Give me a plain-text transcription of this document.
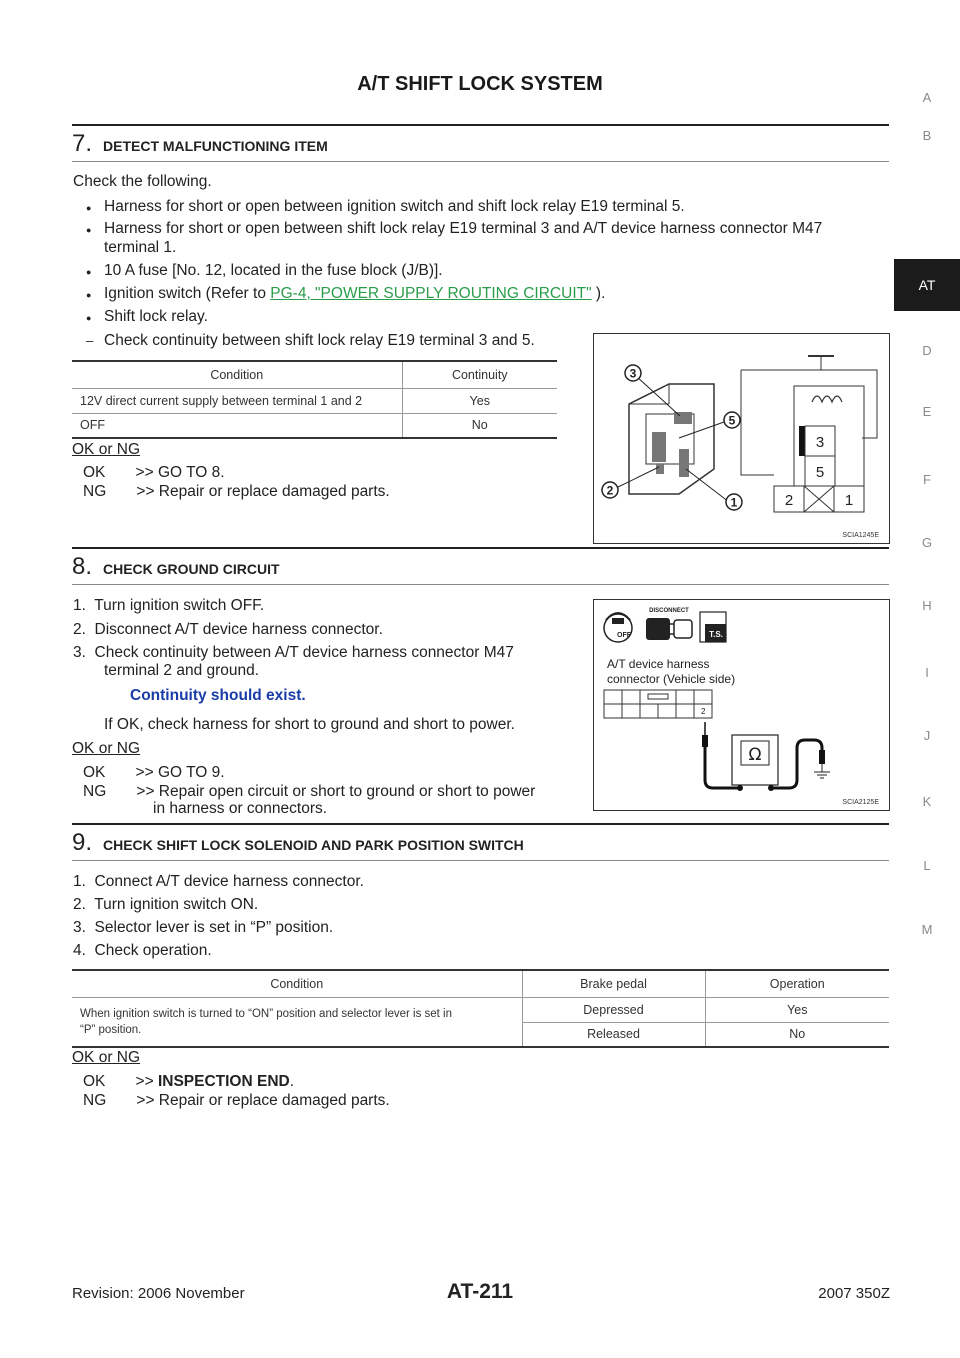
A/T SHIFT LOCK SYSTEM
A
B
AT
D
E
F
G
H
I
J
K
L
M
7. DETECT MALFUNCTIONING ITEM
Check the following.
● Harness for short or open between ignition switch and shift lock relay E19 terminal 5.
● Harness for short or open between shift lock relay E19 terminal 3 and A/T device harness connector M47
terminal 1.
● 10 A fuse [No. 12, located in the fuse block (J/B)].
● Ignition switch (Refer to PG-4, "POWER SUPPLY ROUTING CIRCUIT" ).
● Shift lock relay.
– Check continuity between shift lock relay E19 terminal 3 and 5.
Condition	Continuity
12V direct current supply between terminal 1 and 2	Yes
OFF	No
OK or NG
OK       >> GO TO 8.
NG       >> Repair or replace damaged parts.
3
5
2
1
3
5
2	1
SCIA1245E
8. CHECK GROUND CIRCUIT
1.  Turn ignition switch OFF.
2.  Disconnect A/T device harness connector.
3.  Check continuity between A/T device harness connector M47
terminal 2 and ground.
Continuity should exist.
If OK, check harness for short to ground and short to power.
OK or NG
OK       >> GO TO 9.
NG       >> Repair open circuit or short to ground or short to power
in harness or connectors.
OFF
DISCONNECT
T.S.
A/T device harness
connector (Vehicle side)
2
Ω
SCIA2125E
9. CHECK SHIFT LOCK SOLENOID AND PARK POSITION SWITCH
1.  Connect A/T device harness connector.
2.  Turn ignition switch ON.
3.  Selector lever is set in “P” position.
4.  Check operation.
Condition	Brake pedal	Operation
When ignition switch is turned to “ON” position and selector lever is set in
“P” position.	Depressed	Yes
	Released	No
OK or NG
OK       >> INSPECTION END.
NG       >> Repair or replace damaged parts.
Revision: 2006 November	AT-211	2007 350Z
